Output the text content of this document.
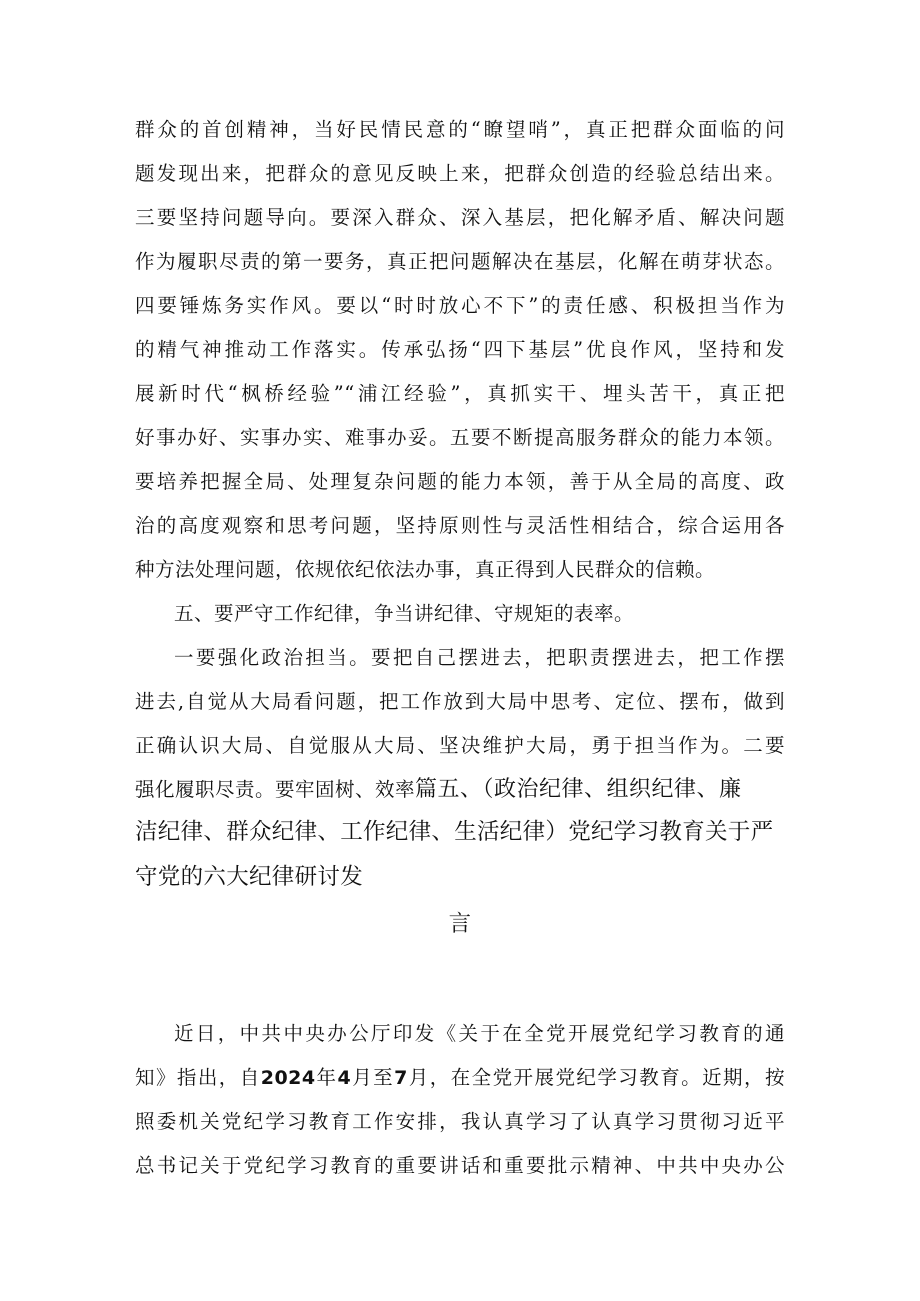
群众的首创精神，当好民情民意的“瞭望哨”，真正把群众面临的问
题发现出来，把群众的意见反映上来，把群众创造的经验总结出来。
三要坚持问题导向。要深入群众、深入基层，把化解矛盾、解决问题
作为履职尽责的第一要务，真正把问题解决在基层，化解在萌芽状态。
四要锤炼务实作风。要以“时时放心不下”的责任感、积极担当作为
的精气神推动工作落实。传承弘扬“四下基层”优良作风，坚持和发
展新时代“枫桥经验”“浦江经验”，真抓实干、埋头苦干，真正把
好事办好、实事办实、难事办妥。五要不断提高服务群众的能力本领。
要培养把握全局、处理复杂问题的能力本领，善于从全局的高度、政
治的高度观察和思考问题，坚持原则性与灵活性相结合，综合运用各
种方法处理问题，依规依纪依法办事，真正得到人民群众的信赖。
五、要严守工作纪律，争当讲纪律、守规矩的表率。
一要强化政治担当。要把自己摆进去，把职责摆进去，把工作摆
进去,自觉从大局看问题，把工作放到大局中思考、定位、摆布，做到
正确认识大局、自觉服从大局、坚决维护大局，勇于担当作为。二要
强化履职尽责。要牢固树、效率篇五、（政治纪律、组织纪律、廉
洁纪律、群众纪律、工作纪律、生活纪律）党纪学习教育关于严
守党的六大纪律研讨发
言
近日，中共中央办公厅印发《关于在全党开展党纪学习教育的通
知》指出，自2024年4月至7月，在全党开展党纪学习教育。近期，按
照委机关党纪学习教育工作安排，我认真学习了认真学习贯彻习近平
总书记关于党纪学习教育的重要讲话和重要批示精神、中共中央办公
